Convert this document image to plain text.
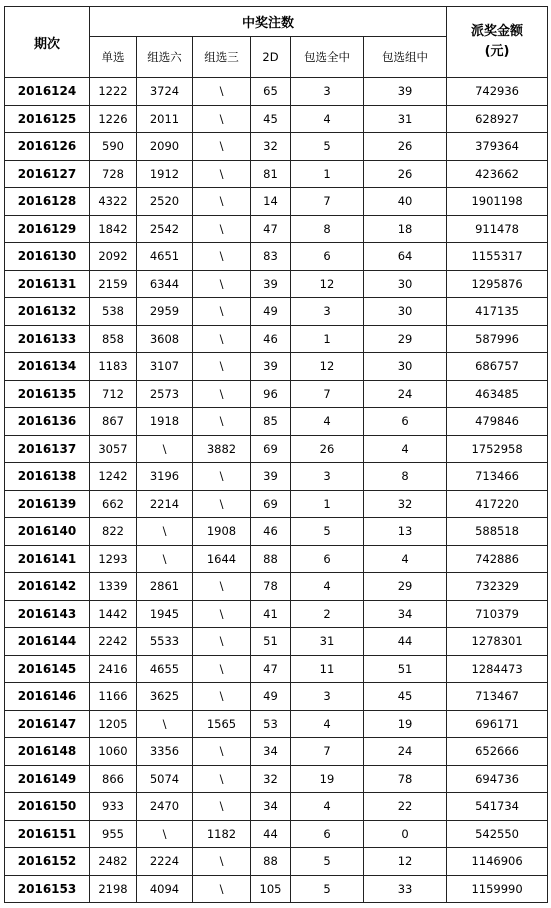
期次	中奖注数						派奖金额
(元)
	单选	组选六	组选三	2D	包选全中	包选组中	
2016124	1222	3724	\	65	3	39	742936
2016125	1226	2011	\	45	4	31	628927
2016126	590	2090	\	32	5	26	379364
2016127	728	1912	\	81	1	26	423662
2016128	4322	2520	\	14	7	40	1901198
2016129	1842	2542	\	47	8	18	911478
2016130	2092	4651	\	83	6	64	1155317
2016131	2159	6344	\	39	12	30	1295876
2016132	538	2959	\	49	3	30	417135
2016133	858	3608	\	46	1	29	587996
2016134	1183	3107	\	39	12	30	686757
2016135	712	2573	\	96	7	24	463485
2016136	867	1918	\	85	4	6	479846
2016137	3057	\	3882	69	26	4	1752958
2016138	1242	3196	\	39	3	8	713466
2016139	662	2214	\	69	1	32	417220
2016140	822	\	1908	46	5	13	588518
2016141	1293	\	1644	88	6	4	742886
2016142	1339	2861	\	78	4	29	732329
2016143	1442	1945	\	41	2	34	710379
2016144	2242	5533	\	51	31	44	1278301
2016145	2416	4655	\	47	11	51	1284473
2016146	1166	3625	\	49	3	45	713467
2016147	1205	\	1565	53	4	19	696171
2016148	1060	3356	\	34	7	24	652666
2016149	866	5074	\	32	19	78	694736
2016150	933	2470	\	34	4	22	541734
2016151	955	\	1182	44	6	0	542550
2016152	2482	2224	\	88	5	12	1146906
2016153	2198	4094	\	105	5	33	1159990
